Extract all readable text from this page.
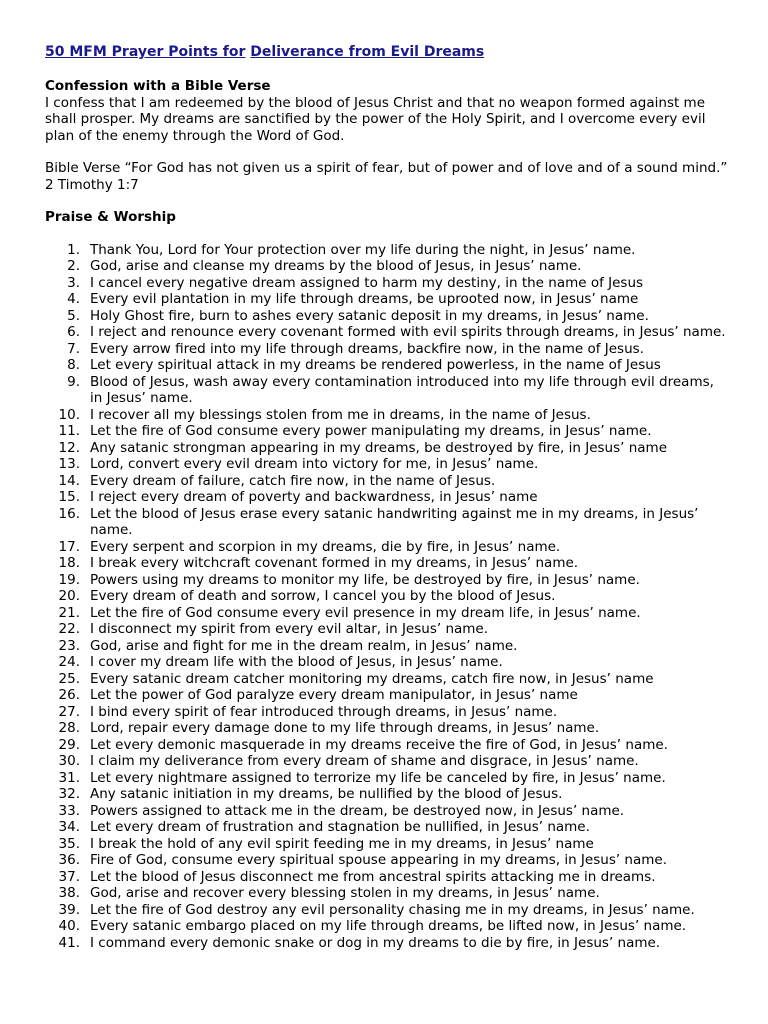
50 MFM Prayer Points for Deliverance from Evil Dreams
Confession with a Bible Verse

I confess that I am redeemed by the blood of Jesus Christ and that no weapon formed against me shall prosper. My dreams are sanctified by the power of the Holy Spirit, and I overcome every evil plan of the enemy through the Word of God.

Bible Verse “For God has not given us a spirit of fear, but of power and of love and of a sound mind.” 2 Timothy 1:7

Praise & Worship
1. Thank You, Lord for Your protection over my life during the night, in Jesus’ name.
2. God, arise and cleanse my dreams by the blood of Jesus, in Jesus’ name.
3. I cancel every negative dream assigned to harm my destiny, in the name of Jesus
4. Every evil plantation in my life through dreams, be uprooted now, in Jesus’ name
5. Holy Ghost fire, burn to ashes every satanic deposit in my dreams, in Jesus’ name.
6. I reject and renounce every covenant formed with evil spirits through dreams, in Jesus’ name.
7. Every arrow fired into my life through dreams, backfire now, in the name of Jesus.
8. Let every spiritual attack in my dreams be rendered powerless, in the name of Jesus
9. Blood of Jesus, wash away every contamination introduced into my life through evil dreams, in Jesus’ name.
10. I recover all my blessings stolen from me in dreams, in the name of Jesus.
11. Let the fire of God consume every power manipulating my dreams, in Jesus’ name.
12. Any satanic strongman appearing in my dreams, be destroyed by fire, in Jesus’ name
13. Lord, convert every evil dream into victory for me, in Jesus’ name.
14. Every dream of failure, catch fire now, in the name of Jesus.
15. I reject every dream of poverty and backwardness, in Jesus’ name
16. Let the blood of Jesus erase every satanic handwriting against me in my dreams, in Jesus’ name.
17. Every serpent and scorpion in my dreams, die by fire, in Jesus’ name.
18. I break every witchcraft covenant formed in my dreams, in Jesus’ name.
19. Powers using my dreams to monitor my life, be destroyed by fire, in Jesus’ name.
20. Every dream of death and sorrow, I cancel you by the blood of Jesus.
21. Let the fire of God consume every evil presence in my dream life, in Jesus’ name.
22. I disconnect my spirit from every evil altar, in Jesus’ name.
23. God, arise and fight for me in the dream realm, in Jesus’ name.
24. I cover my dream life with the blood of Jesus, in Jesus’ name.
25. Every satanic dream catcher monitoring my dreams, catch fire now, in Jesus’ name
26. Let the power of God paralyze every dream manipulator, in Jesus’ name
27. I bind every spirit of fear introduced through dreams, in Jesus’ name.
28. Lord, repair every damage done to my life through dreams, in Jesus’ name.
29. Let every demonic masquerade in my dreams receive the fire of God, in Jesus’ name.
30. I claim my deliverance from every dream of shame and disgrace, in Jesus’ name.
31. Let every nightmare assigned to terrorize my life be canceled by fire, in Jesus’ name.
32. Any satanic initiation in my dreams, be nullified by the blood of Jesus.
33. Powers assigned to attack me in the dream, be destroyed now, in Jesus’ name.
34. Let every dream of frustration and stagnation be nullified, in Jesus’ name.
35. I break the hold of any evil spirit feeding me in my dreams, in Jesus’ name
36. Fire of God, consume every spiritual spouse appearing in my dreams, in Jesus’ name.
37. Let the blood of Jesus disconnect me from ancestral spirits attacking me in dreams.
38. God, arise and recover every blessing stolen in my dreams, in Jesus’ name.
39. Let the fire of God destroy any evil personality chasing me in my dreams, in Jesus’ name.
40. Every satanic embargo placed on my life through dreams, be lifted now, in Jesus’ name.
41. I command every demonic snake or dog in my dreams to die by fire, in Jesus’ name.
